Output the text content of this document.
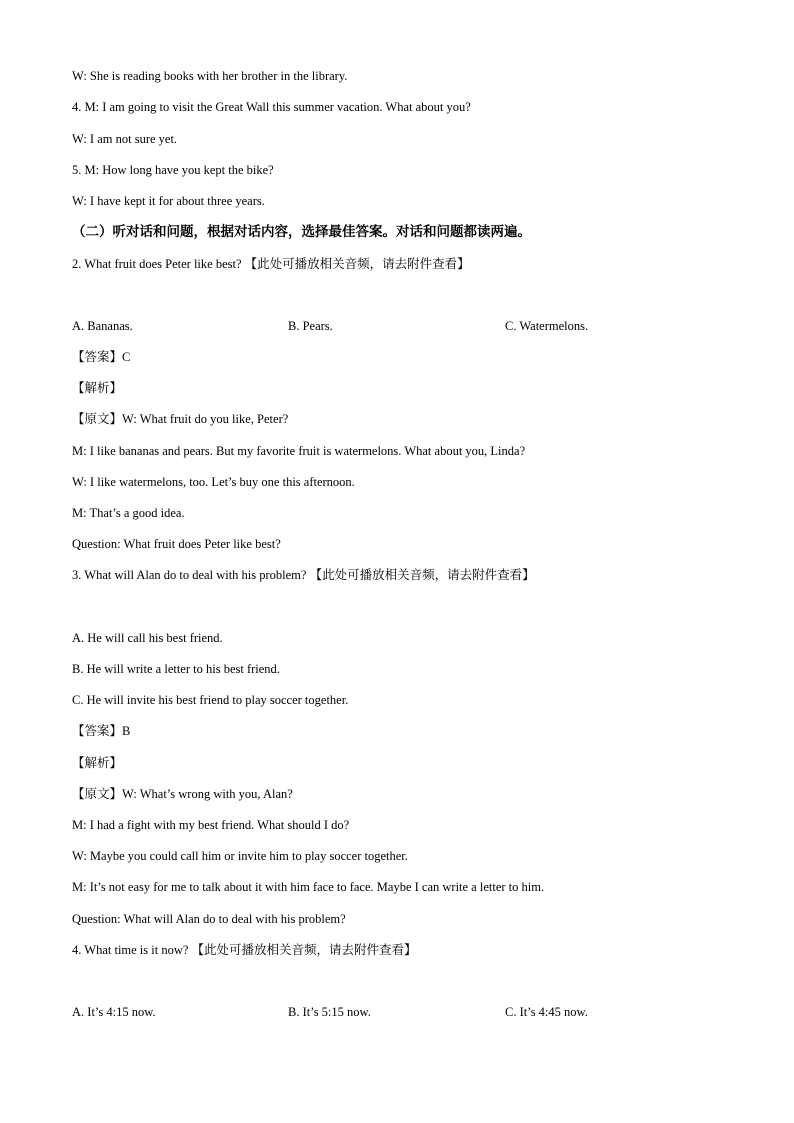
W: She is reading books with her brother in the library.
4. M: I am going to visit the Great Wall this summer vacation. What about you?
W: I am not sure yet.
5. M: How long have you kept the bike?
W: I have kept it for about three years.
（二）听对话和问题，根据对话内容，选择最佳答案。对话和问题都读两遍。
2. What fruit does Peter like best? 【此处可播放相关音频，请去附件查看】
A. Bananas.	B. Pears.	C. Watermelons.
【答案】C
【解析】
【原文】W: What fruit do you like, Peter?
M: I like bananas and pears. But my favorite fruit is watermelons. What about you, Linda?
W: I like watermelons, too. Let’s buy one this afternoon.
M: That’s a good idea.
Question: What fruit does Peter like best?
3. What will Alan do to deal with his problem? 【此处可播放相关音频，请去附件查看】
A. He will call his best friend.
B. He will write a letter to his best friend.
C. He will invite his best friend to play soccer together.
【答案】B
【解析】
【原文】W: What’s wrong with you, Alan?
M: I had a fight with my best friend. What should I do?
W: Maybe you could call him or invite him to play soccer together.
M: It’s not easy for me to talk about it with him face to face. Maybe I can write a letter to him.
Question: What will Alan do to deal with his problem?
4. What time is it now? 【此处可播放相关音频，请去附件查看】
A. It’s 4:15 now.	B. It’s 5:15 now.	C. It’s 4:45 now.
